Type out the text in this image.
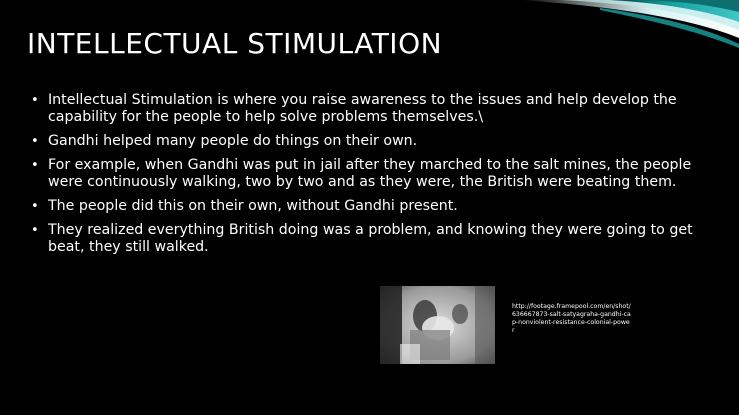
INTELLECTUAL STIMULATION
• Intellectual Stimulation is where you raise awareness to the issues and help develop the capability for the people to help solve problems themselves.\
• Gandhi helped many people do things on their own.
• For example, when Gandhi was put in jail after they marched to the salt mines, the people were continuously walking, two by two and as they were, the British were beating them.
• The people did this on their own, without Gandhi present.
• They realized everything British doing was a problem, and knowing they were going to get beat, they still walked.

http://footage.framepool.com/en/shot/636667873-salt-satyagraha-gandhi-cap-nonviolent-resistance-colonial-power
